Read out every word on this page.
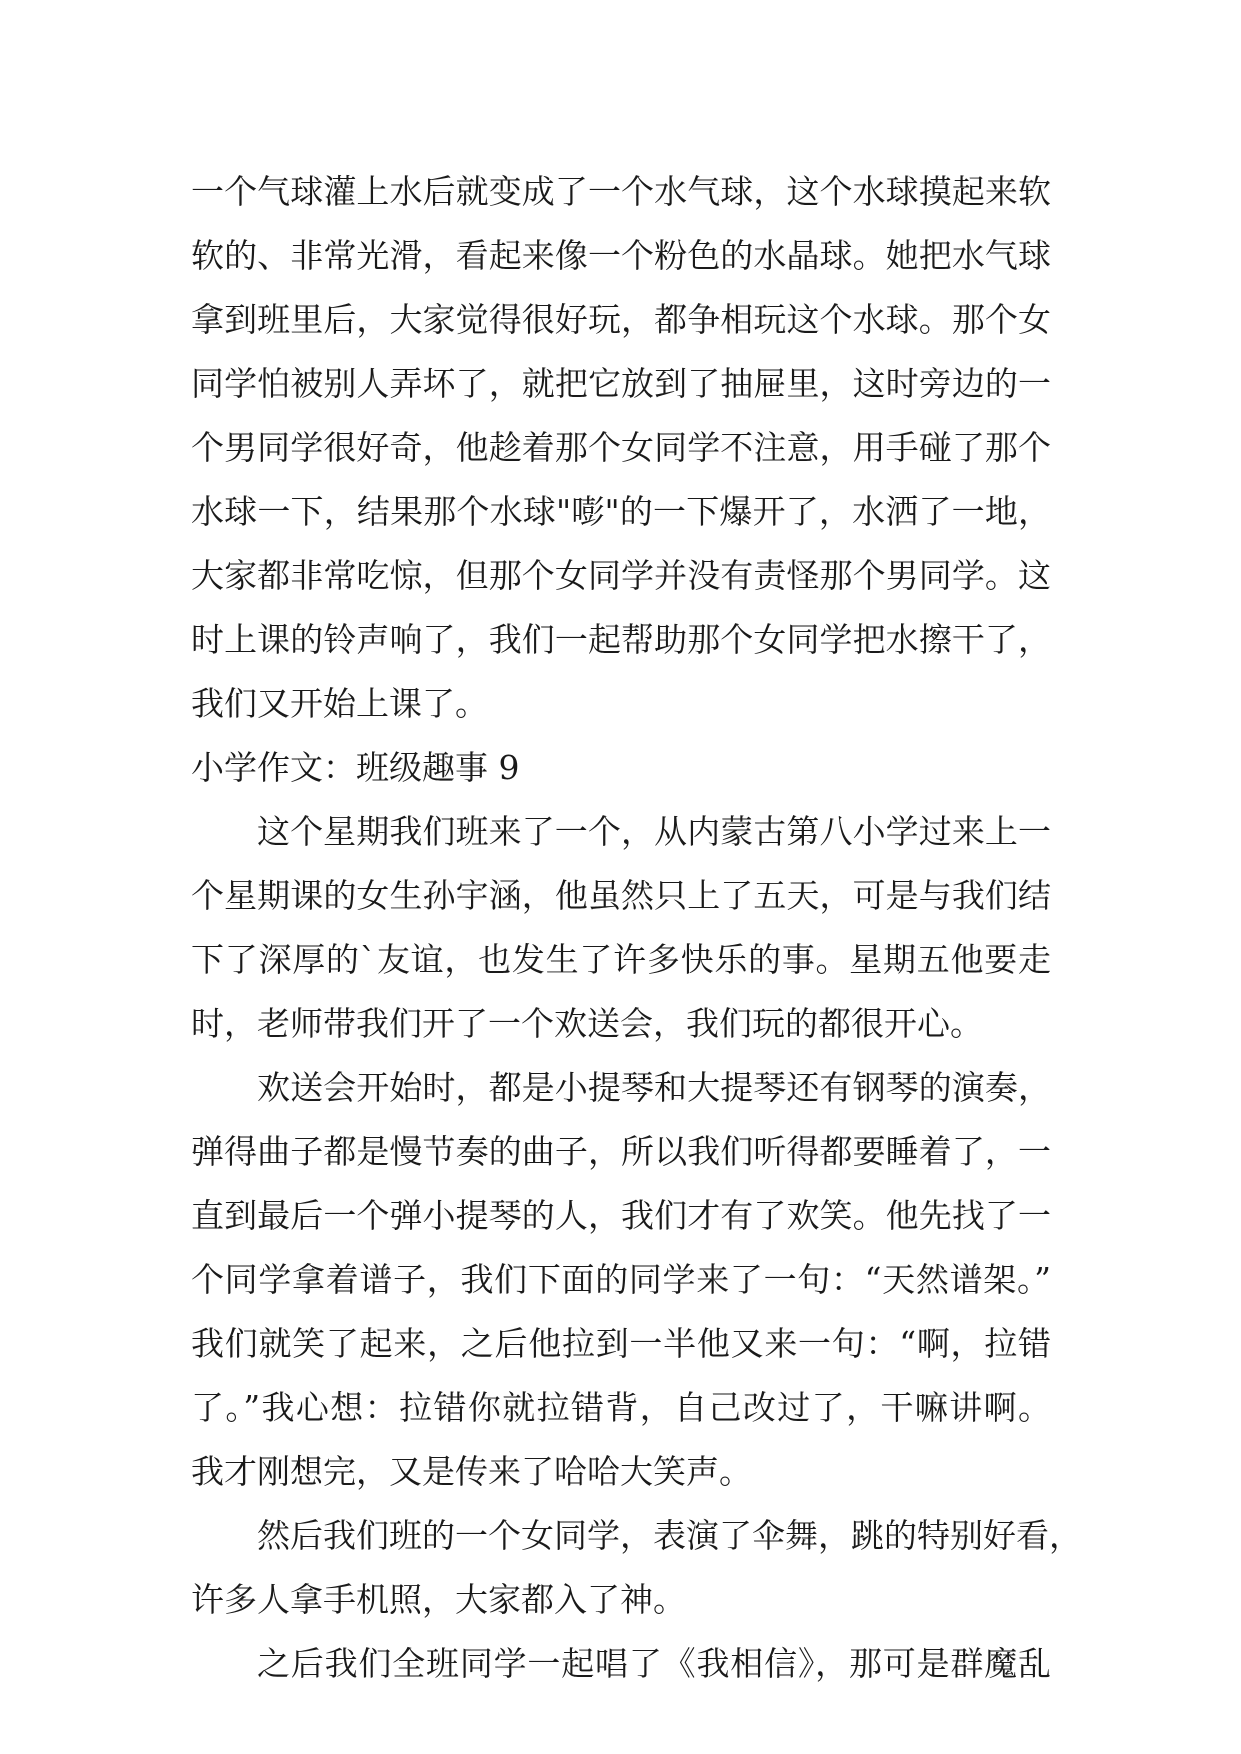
一个气球灌上水后就变成了一个水气球，这个水球摸起来软
软的、非常光滑，看起来像一个粉色的水晶球。她把水气球
拿到班里后，大家觉得很好玩，都争相玩这个水球。那个女
同学怕被别人弄坏了，就把它放到了抽屉里，这时旁边的一
个男同学很好奇，他趁着那个女同学不注意，用手碰了那个
水球一下，结果那个水球"嘭"的一下爆开了，水洒了一地，
大家都非常吃惊，但那个女同学并没有责怪那个男同学。这
时上课的铃声响了，我们一起帮助那个女同学把水擦干了，
我们又开始上课了。
小学作文：班级趣事 9
这个星期我们班来了一个，从内蒙古第八小学过来上一
个星期课的女生孙宇涵，他虽然只上了五天，可是与我们结
下了深厚的`友谊，也发生了许多快乐的事。星期五他要走
时，老师带我们开了一个欢送会，我们玩的都很开心。
欢送会开始时，都是小提琴和大提琴还有钢琴的演奏，
弹得曲子都是慢节奏的曲子，所以我们听得都要睡着了，一
直到最后一个弹小提琴的人，我们才有了欢笑。他先找了一
个同学拿着谱子，我们下面的同学来了一句：“天然谱架。”
我们就笑了起来，之后他拉到一半他又来一句：“啊，拉错
了。”我心想：拉错你就拉错背，自己改过了，干嘛讲啊。
我才刚想完，又是传来了哈哈大笑声。
然后我们班的一个女同学，表演了伞舞，跳的特别好看，
许多人拿手机照，大家都入了神。
之后我们全班同学一起唱了《我相信》，那可是群魔乱
